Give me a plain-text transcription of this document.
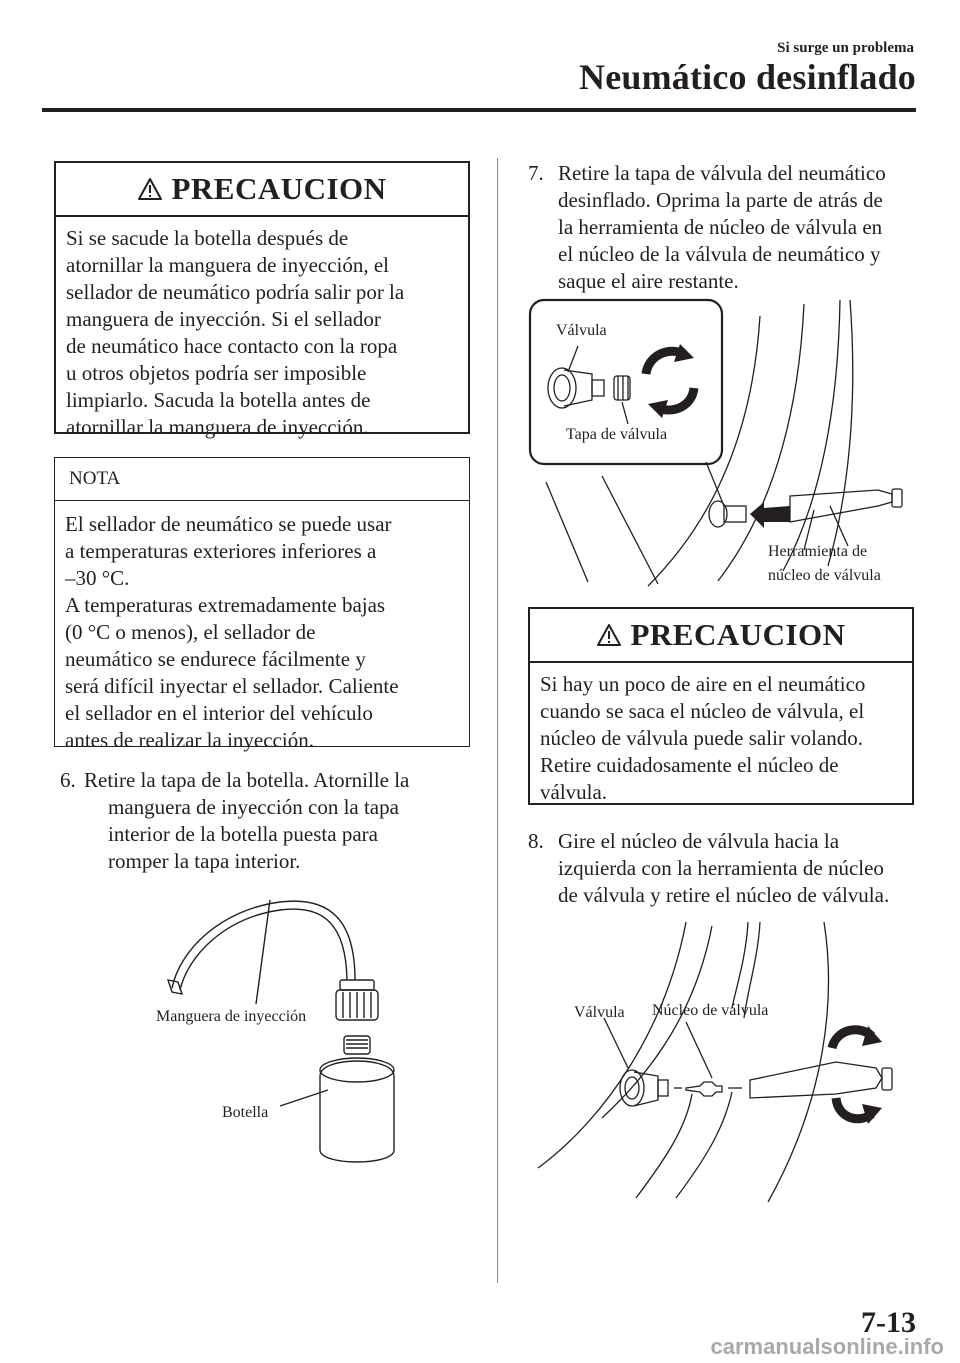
Si surge un problema
Neumático desinflado
PRECAUCION
Si se sacude la botella después de
atornillar la manguera de inyección, el
sellador de neumático podría salir por la
manguera de inyección. Si el sellador
de neumático hace contacto con la ropa
u otros objetos podría ser imposible
limpiarlo. Sacuda la botella antes de
atornillar la manguera de inyección.
NOTA
El sellador de neumático se puede usar
a temperaturas exteriores inferiores a
–30 °C.
A temperaturas extremadamente bajas
(0 °C o menos), el sellador de
neumático se endurece fácilmente y
será difícil inyectar el sellador. Caliente
el sellador en el interior del vehículo
antes de realizar la inyección.
6. Retire la tapa de la botella. Atornille la
manguera de inyección con la tapa
interior de la botella puesta para
romper la tapa interior.
Manguera de inyección
Botella
7. Retire la tapa de válvula del neumático
desinflado. Oprima la parte de atrás de
la herramienta de núcleo de válvula en
el núcleo de la válvula de neumático y
saque el aire restante.
Válvula
Tapa de válvula
Herramienta de
núcleo de válvula
PRECAUCION
Si hay un poco de aire en el neumático
cuando se saca el núcleo de válvula, el
núcleo de válvula puede salir volando.
Retire cuidadosamente el núcleo de
válvula.
8. Gire el núcleo de válvula hacia la
izquierda con la herramienta de núcleo
de válvula y retire el núcleo de válvula.
Válvula Núcleo de válvula
7-13
carmanualsonline.info
